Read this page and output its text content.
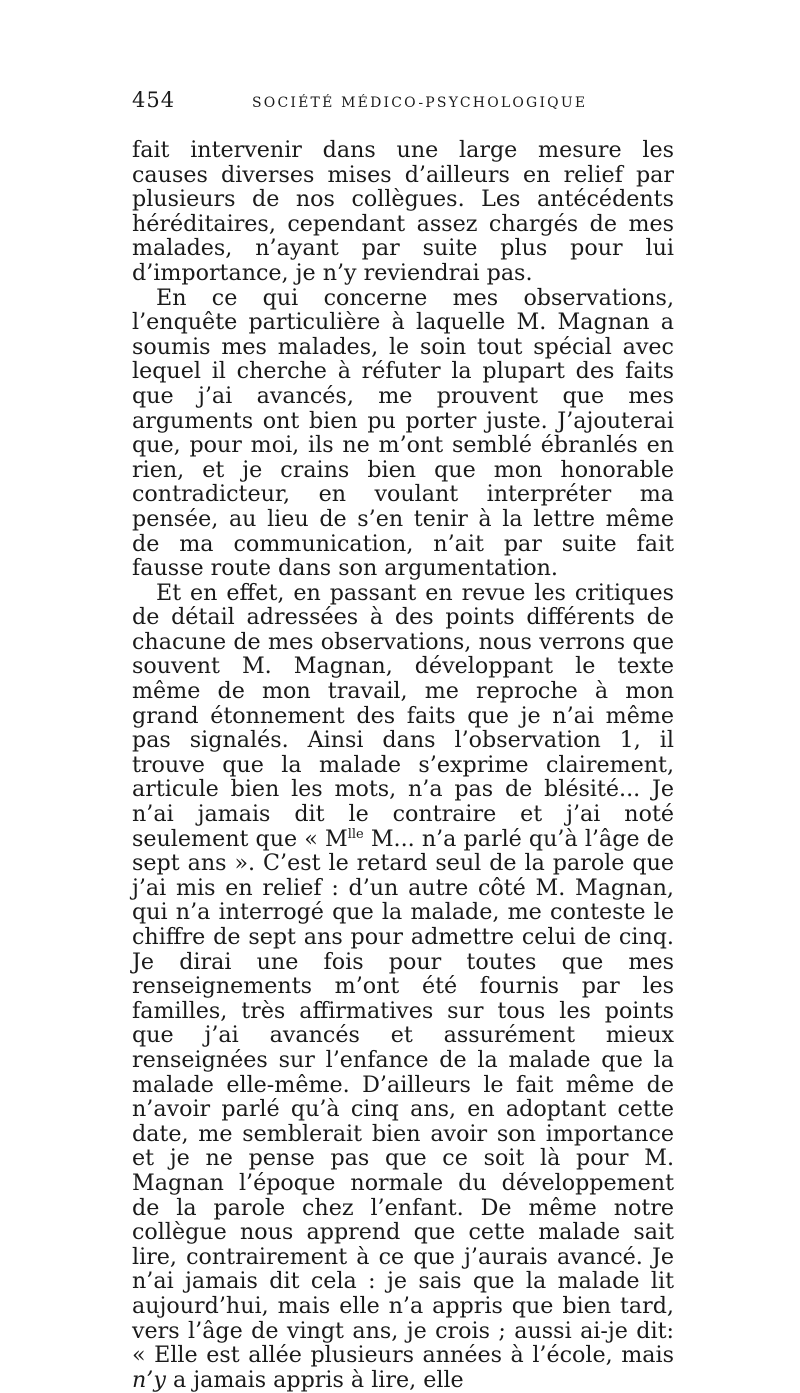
454	SOCIÉTÉ MÉDICO-PSYCHOLOGIQUE

fait intervenir dans une large mesure les causes diverses mises d’ailleurs en relief par plusieurs de nos collègues. Les antécédents héréditaires, cependant assez chargés de mes malades, n’ayant par suite plus pour lui d’importance, je n’y reviendrai pas.

En ce qui concerne mes observations, l’enquête particulière à laquelle M. Magnan a soumis mes malades, le soin tout spécial avec lequel il cherche à réfuter la plupart des faits que j’ai avancés, me prouvent que mes arguments ont bien pu porter juste. J’ajouterai que, pour moi, ils ne m’ont semblé ébranlés en rien, et je crains bien que mon honorable contradicteur, en voulant interpréter ma pensée, au lieu de s’en tenir à la lettre même de ma communication, n’ait par suite fait fausse route dans son argumentation.

Et en effet, en passant en revue les critiques de détail adressées à des points différents de chacune de mes observations, nous verrons que souvent M. Magnan, développant le texte même de mon travail, me reproche à mon grand étonnement des faits que je n’ai même pas signalés. Ainsi dans l’observation 1, il trouve que la malade s’exprime clairement, articule bien les mots, n’a pas de blésité... Je n’ai jamais dit le contraire et j’ai noté seulement que « $M^{lle}$ M... n’a parlé qu’à l’âge de sept ans ». C’est le retard seul de la parole que j’ai mis en relief : d’un autre côté M. Magnan, qui n’a interrogé que la malade, me conteste le chiffre de sept ans pour admettre celui de cinq. Je dirai une fois pour toutes que mes renseignements m’ont été fournis par les familles, très affirmatives sur tous les points que j’ai avancés et assurément mieux renseignées sur l’enfance de la malade que la malade elle-même. D’ailleurs le fait même de n’avoir parlé qu’à cinq ans, en adoptant cette date, me semblerait bien avoir son importance et je ne pense pas que ce soit là pour M. Magnan l’époque normale du développement de la parole chez l’enfant. De même notre collègue nous apprend que cette malade sait lire, contrairement à ce que j’aurais avancé. Je n’ai jamais dit cela : je sais que la malade lit aujourd’hui, mais elle n’a appris que bien tard, vers l’âge de vingt ans, je crois ; aussi ai-je dit: « Elle est allée plusieurs années à l’école, mais n’y a jamais appris à lire, elle
